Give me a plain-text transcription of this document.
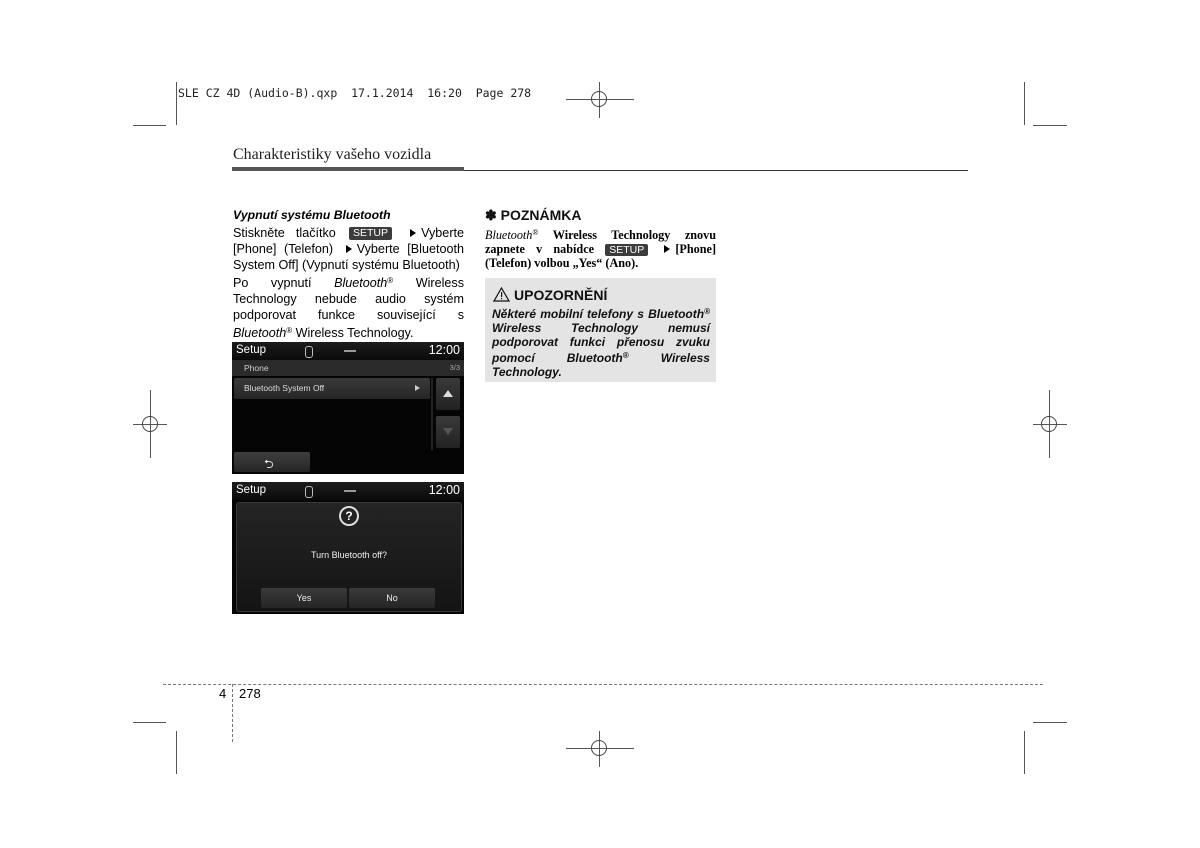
SLE CZ 4D (Audio-B).qxp  17.1.2014  16:20  Page 278
Charakteristiky vašeho vozidla
Vypnutí systému Bluetooth

Stiskněte tlačítko SETUP	Vyberte [Phone] (Telefon) Vyberte [Bluetooth System Off] (Vypnutí systému Bluetooth)

Po vypnutí Bluetooth® Wireless Technology nebude audio systém podporovat funkce související s Bluetooth® Wireless Technology.

Setup	12:00
Phone	3/3
Bluetooth System Off
⮌
Setup	12:00
?
Turn Bluetooth off?
Yes	No
✽ POZNÁMKA
Bluetooth® Wireless Technology znovu zapnete v nabídce SETUP	[Phone] (Telefon) volbou „Yes“ (Ano).
UPOZORNĚNÍ
Některé mobilní telefony s Bluetooth® Wireless Technology nemusí podporovat funkci přenosu zvuku pomocí Bluetooth®	Wireless Technology.
4 278
